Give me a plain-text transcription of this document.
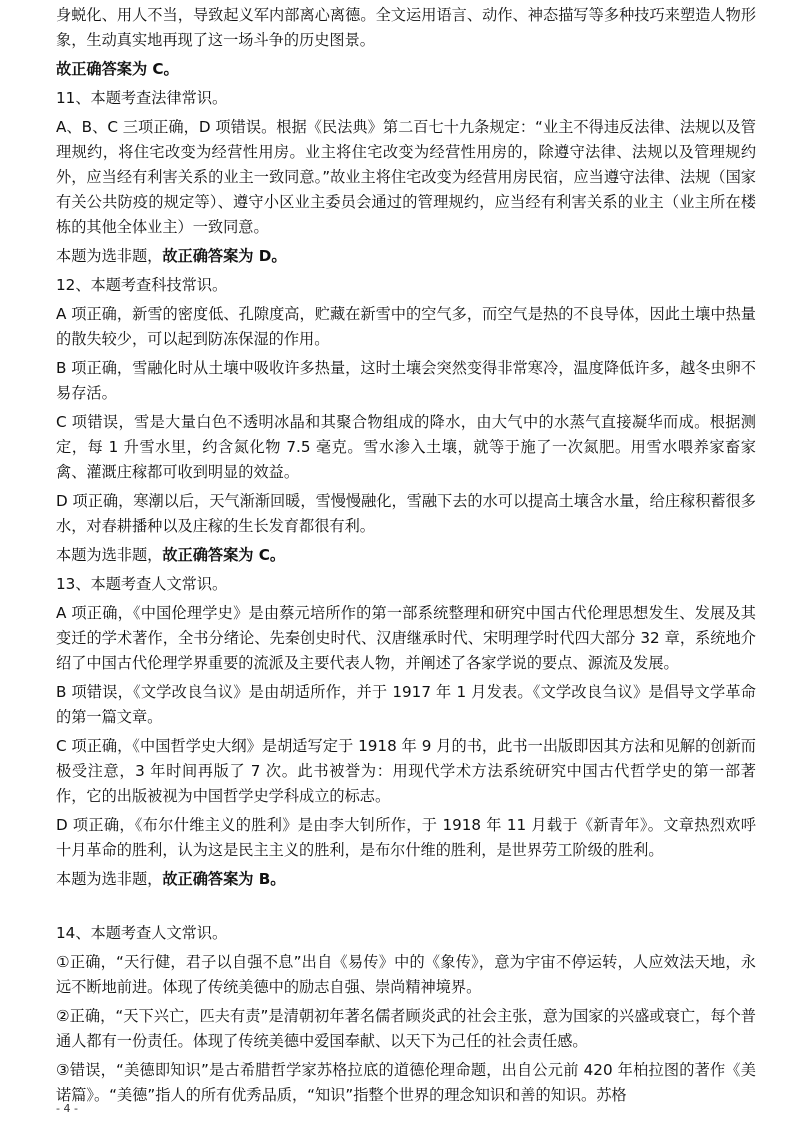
身蜕化、用人不当，导致起义军内部离心离德。全文运用语言、动作、神态描写等多种技巧来塑造人物形象，生动真实地再现了这一场斗争的历史图景。

故正确答案为 C。

11、本题考查法律常识。

A、B、C 三项正确，D 项错误。根据《民法典》第二百七十九条规定：“业主不得违反法律、法规以及管理规约，将住宅改变为经营性用房。业主将住宅改变为经营性用房的，除遵守法律、法规以及管理规约外，应当经有利害关系的业主一致同意。”故业主将住宅改变为经营用房民宿，应当遵守法律、法规（国家有关公共防疫的规定等）、遵守小区业主委员会通过的管理规约，应当经有利害关系的业主（业主所在楼栋的其他全体业主）一致同意。

本题为选非题，故正确答案为 D。

12、本题考查科技常识。

A 项正确，新雪的密度低、孔隙度高，贮藏在新雪中的空气多，而空气是热的不良导体，因此土壤中热量的散失较少，可以起到防冻保湿的作用。

B 项正确，雪融化时从土壤中吸收许多热量，这时土壤会突然变得非常寒冷，温度降低许多，越冬虫卵不易存活。

C 项错误，雪是大量白色不透明冰晶和其聚合物组成的降水，由大气中的水蒸气直接凝华而成。根据测定，每 1 升雪水里，约含氮化物 7.5 毫克。雪水渗入土壤，就等于施了一次氮肥。用雪水喂养家畜家禽、灌溉庄稼都可收到明显的效益。

D 项正确，寒潮以后，天气渐渐回暖，雪慢慢融化，雪融下去的水可以提高土壤含水量，给庄稼积蓄很多水，对春耕播种以及庄稼的生长发育都很有利。

本题为选非题，故正确答案为 C。

13、本题考查人文常识。

A 项正确，《中国伦理学史》是由蔡元培所作的第一部系统整理和研究中国古代伦理思想发生、发展及其变迁的学术著作，全书分绪论、先秦创史时代、汉唐继承时代、宋明理学时代四大部分 32 章，系统地介绍了中国古代伦理学界重要的流派及主要代表人物，并阐述了各家学说的要点、源流及发展。

B 项错误，《文学改良刍议》是由胡适所作，并于 1917 年 1 月发表。《文学改良刍议》是倡导文学革命的第一篇文章。

C 项正确，《中国哲学史大纲》是胡适写定于 1918 年 9 月的书，此书一出版即因其方法和见解的创新而极受注意，3 年时间再版了 7 次。此书被誉为：用现代学术方法系统研究中国古代哲学史的第一部著作，它的出版被视为中国哲学史学科成立的标志。

D 项正确，《布尔什维主义的胜利》是由李大钊所作，于 1918 年 11 月载于《新青年》。文章热烈欢呼十月革命的胜利，认为这是民主主义的胜利，是布尔什维的胜利，是世界劳工阶级的胜利。

本题为选非题，故正确答案为 B。

14、本题考查人文常识。

①正确，“天行健，君子以自强不息”出自《易传》中的《象传》，意为宇宙不停运转，人应效法天地，永远不断地前进。体现了传统美德中的励志自强、崇尚精神境界。

②正确，“天下兴亡，匹夫有责”是清朝初年著名儒者顾炎武的社会主张，意为国家的兴盛或衰亡，每个普通人都有一份责任。体现了传统美德中爱国奉献、以天下为己任的社会责任感。

③错误，“美德即知识”是古希腊哲学家苏格拉底的道德伦理命题，出自公元前 420 年柏拉图的著作《美诺篇》。“美德”指人的所有优秀品质，“知识”指整个世界的理念知识和善的知识。苏格

- 4 -
